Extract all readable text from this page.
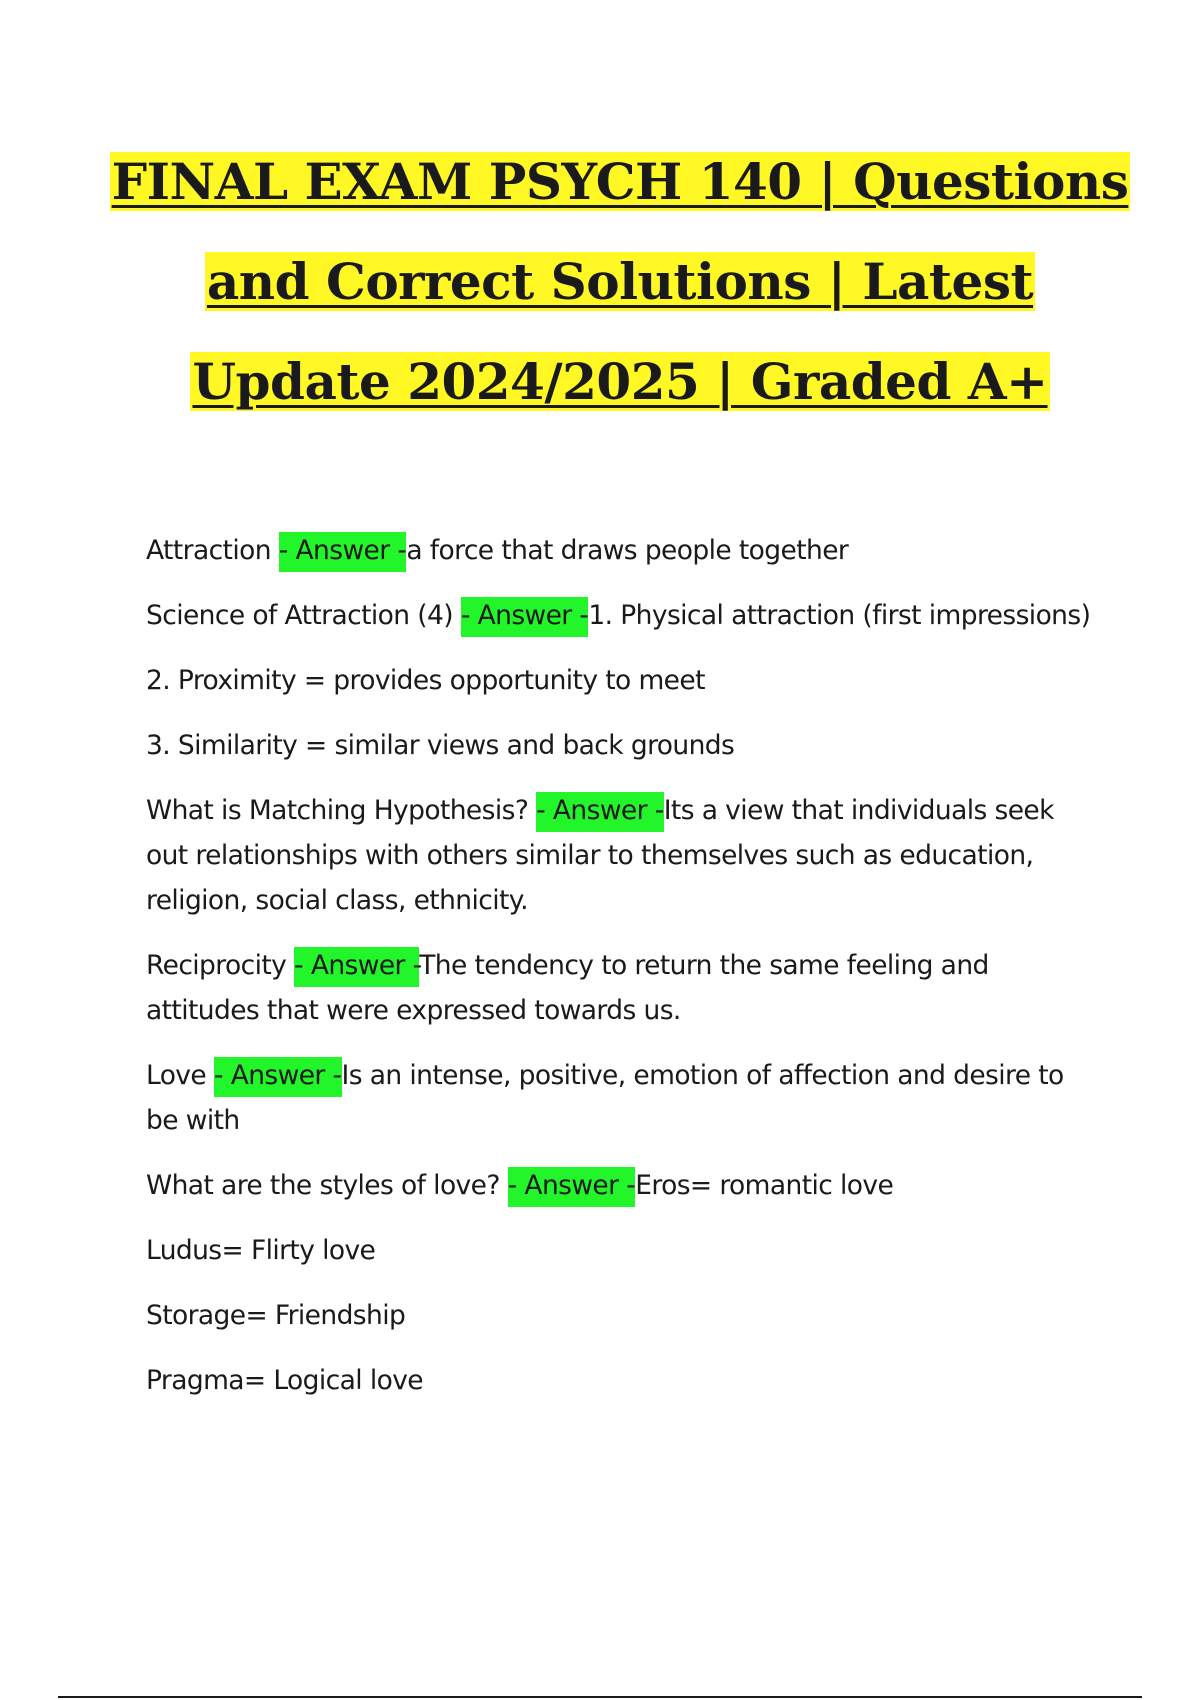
FINAL EXAM PSYCH 140 | Questions
and Correct Solutions | Latest
Update 2024/2025 | Graded A+

Attraction - Answer -a force that draws people together

Science of Attraction (4) - Answer -1. Physical attraction (first impressions)

2. Proximity = provides opportunity to meet

3. Similarity = similar views and back grounds

What is Matching Hypothesis? - Answer -Its a view that individuals seek out relationships with others similar to themselves such as education, religion, social class, ethnicity.

Reciprocity - Answer -The tendency to return the same feeling and attitudes that were expressed towards us.

Love - Answer -Is an intense, positive, emotion of affection and desire to be with

What are the styles of love? - Answer -Eros= romantic love

Ludus= Flirty love

Storage= Friendship

Pragma= Logical love
